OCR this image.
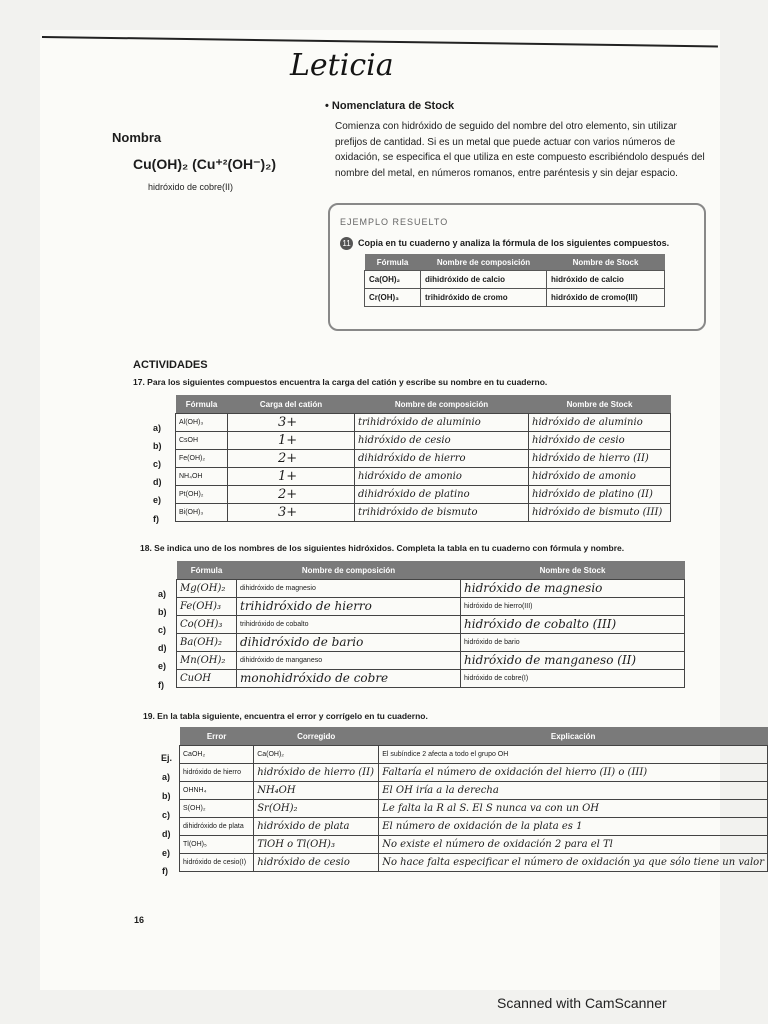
Leticia
Nombra
Cu(OH)₂ (Cu⁺²(OH⁻)₂)
hidróxido de cobre(II)
• Nomenclatura de Stock
Comienza con hidróxido de seguido del nombre del otro elemento, sin utilizar prefijos de cantidad. Si es un metal que puede actuar con varios números de oxidación, se especifica el que utiliza en este compuesto escribiéndolo después del nombre del metal, en números romanos, entre paréntesis y sin dejar espacio.
EJEMPLO RESUELTO
11 Copia en tu cuaderno y analiza la fórmula de los siguientes compuestos.
Fórmula	Nombre de composición	Nombre de Stock
Ca(OH)₂	dihidróxido de calcio	hidróxido de calcio
Cr(OH)₃	trihidróxido de cromo	hidróxido de cromo(III)
ACTIVIDADES
17. Para los siguientes compuestos encuentra la carga del catión y escribe su nombre en tu cuaderno.
a)
b)
c)
d)
e)
f)
Fórmula	Carga del catión	Nombre de composición	Nombre de Stock
Al(OH)₃	3+	trihidróxido de aluminio	hidróxido de aluminio
CsOH	1+	hidróxido de cesio	hidróxido de cesio
Fe(OH)₂	2+	dihidróxido de hierro	hidróxido de hierro (II)
NH₄OH	1+	hidróxido de amonio	hidróxido de amonio
Pt(OH)₂	2+	dihidróxido de platino	hidróxido de platino (II)
Bi(OH)₃	3+	trihidróxido de bismuto	hidróxido de bismuto (III)
18. Se indica uno de los nombres de los siguientes hidróxidos. Completa la tabla en tu cuaderno con fórmula y nombre.
a)
b)
c)
d)
e)
f)
Fórmula	Nombre de composición	Nombre de Stock
Mg(OH)₂	dihidróxido de magnesio	hidróxido de magnesio
Fe(OH)₃	trihidróxido de hierro	hidróxido de hierro(III)
Co(OH)₃	trihidróxido de cobalto	hidróxido de cobalto (III)
Ba(OH)₂	dihidróxido de bario	hidróxido de bario
Mn(OH)₂	dihidróxido de manganeso	hidróxido de manganeso (II)
CuOH	monohidróxido de cobre	hidróxido de cobre(I)
19. En la tabla siguiente, encuentra el error y corrígelo en tu cuaderno.
Ej.
a)
b)
c)
d)
e)
f)
Error	Corregido	Explicación
CaOH₂	Ca(OH)₂	El subíndice 2 afecta a todo el grupo OH
hidróxido de hierro	hidróxido de hierro (II)	Faltaría el número de oxidación del hierro (II) o (III)
OHNH₄	NH₄OH	El OH iría a la derecha
S(OH)₂	Sr(OH)₂	Le falta la R al S. El S nunca va con un OH
dihidróxido de plata	hidróxido de plata	El número de oxidación de la plata es 1
Tl(OH)₅	TlOH o Tl(OH)₃	No existe el número de oxidación 2 para el Tl
hidróxido de cesio(I)	hidróxido de cesio	No hace falta especificar el número de oxidación ya que sólo tiene un valor
16
Scanned with CamScanner
